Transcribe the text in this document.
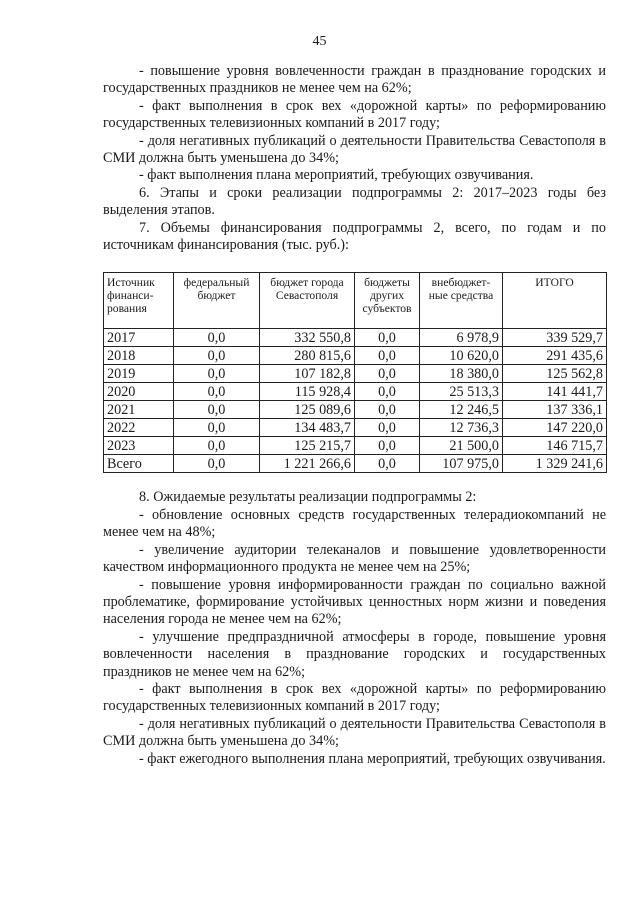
45

- повышение уровня вовлеченности граждан в празднование городских и государственных праздников не менее чем на 62%;

- факт выполнения в срок вех «дорожной карты» по реформированию государственных телевизионных компаний в 2017 году;

- доля негативных публикаций о деятельности Правительства Севастополя в СМИ должна быть уменьшена до 34%;

- факт выполнения плана мероприятий, требующих озвучивания.

6. Этапы и сроки реализации подпрограммы 2: 2017–2023 годы без выделения этапов.

7. Объемы финансирования подпрограммы 2, всего, по годам и по источникам финансирования (тыс. руб.):

Источник финанси-рования	федеральный бюджет	бюджет города Севастополя	бюджеты других субъектов	внебюджет-ные средства	ИТОГО
2017	0,0	332 550,8	0,0	6 978,9	339 529,7
2018	0,0	280 815,6	0,0	10 620,0	291 435,6
2019	0,0	107 182,8	0,0	18 380,0	125 562,8
2020	0,0	115 928,4	0,0	25 513,3	141 441,7
2021	0,0	125 089,6	0,0	12 246,5	137 336,1
2022	0,0	134 483,7	0,0	12 736,3	147 220,0
2023	0,0	125 215,7	0,0	21 500,0	146 715,7
Всего	0,0	1 221 266,6	0,0	107 975,0	1 329 241,6

8. Ожидаемые результаты реализации подпрограммы 2:

- обновление основных средств государственных телерадиокомпаний не менее чем на 48%;

- увеличение аудитории телеканалов и повышение удовлетворенности качеством информационного продукта не менее чем на 25%;

- повышение уровня информированности граждан по социально важной проблематике, формирование устойчивых ценностных норм жизни и поведения населения города не менее чем на 62%;

- улучшение предпраздничной атмосферы в городе, повышение уровня вовлеченности населения в празднование городских и государственных праздников не менее чем на 62%;

- факт выполнения в срок вех «дорожной карты» по реформированию государственных телевизионных компаний в 2017 году;

- доля негативных публикаций о деятельности Правительства Севастополя в СМИ должна быть уменьшена до 34%;

- факт ежегодного выполнения плана мероприятий, требующих озвучивания.
